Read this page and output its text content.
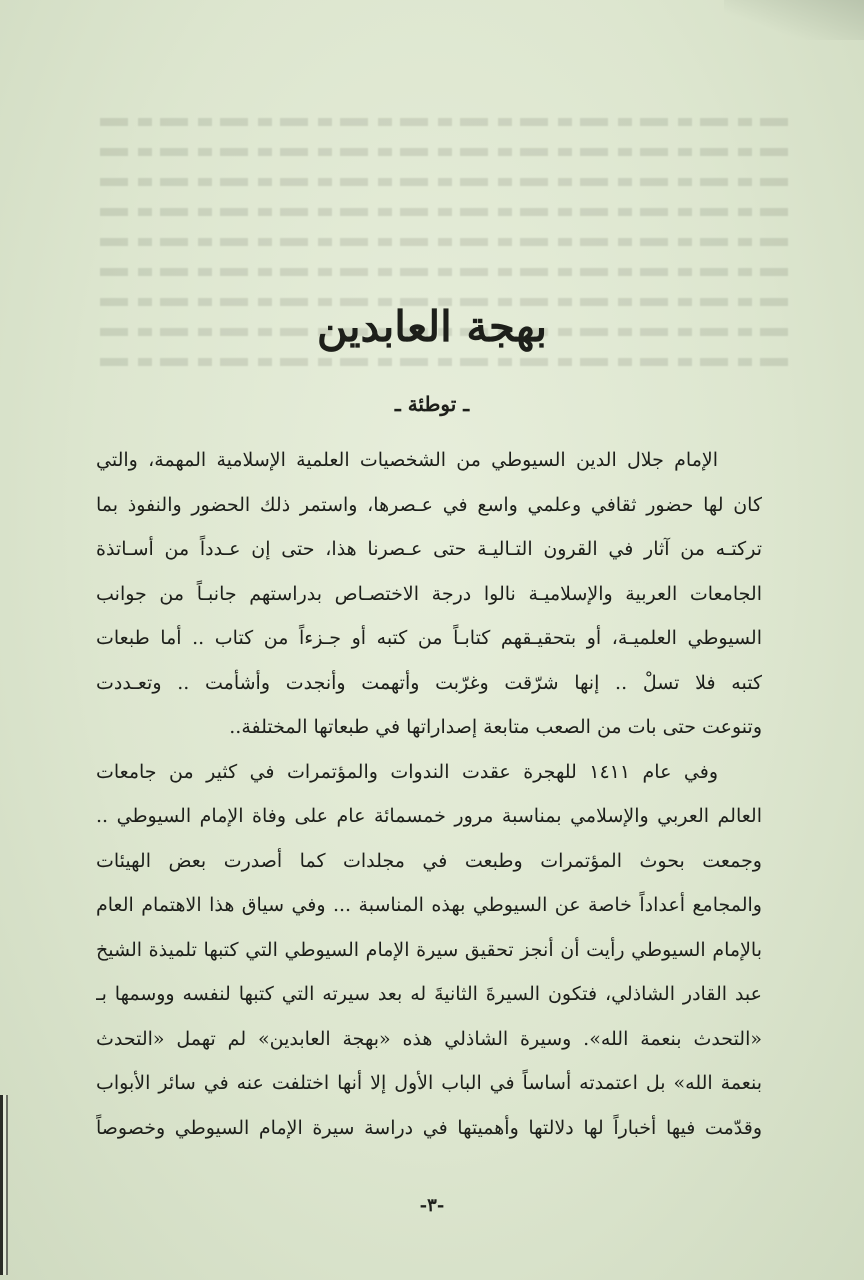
بهجة العابدين
ـ توطئة ـ
الإمام جلال الدين السيوطي من الشخصيات العلمية الإسلامية المهمة، والتي
كان لها حضور ثقافي وعلمي واسع في عـصرها، واستمر ذلك الحضور والنفوذ بما
تركتـه من آثار في القرون التـاليـة حتى عـصرنا هذا، حتى إن عـدداً من أسـاتذة
الجامعات العربية والإسلاميـة نالوا درجة الاختصـاص بدراستهم جانبـاً من جوانب
السيوطي العلميـة، أو بتحقيـقهم كتابـاً من كتبه أو جـزءاً من كتاب .. أما طبعات
كتبه فلا تسلْ .. إنها شرّقت وغرّبت وأتهمت وأنجدت وأشأمت .. وتعـددت
وتنوعت حتى بات من الصعب متابعة إصداراتها في طبعاتها المختلفة..
وفي عام ١٤١١ للهجرة عقدت الندوات والمؤتمرات في كثير من جامعات
العالم العربي والإسلامي بمناسبة مرور خمسمائة عام على وفاة الإمام السيوطي ..
وجمعت بحوث المؤتمرات وطبعت في مجلدات كما أصدرت بعض الهيئات
والمجامع أعداداً خاصة عن السيوطي بهذه المناسبة ... وفي سياق هذا الاهتمام العام
بالإمام السيوطي رأيت أن أنجز تحقيق سيرة الإمام السيوطي التي كتبها تلميذة الشيخ
عبد القادر الشاذلي، فتكون السيرةَ الثانيةَ له بعد سيرته التي كتبها لنفسه ووسمها بـ
«التحدث بنعمة الله». وسيرة الشاذلي هذه «بهجة العابدين» لم تهمل «التحدث
بنعمة الله» بل اعتمدته أساساً في الباب الأول إلا أنها اختلفت عنه في سائر الأبواب
وقدّمت فيها أخباراً لها دلالتها وأهميتها في دراسة سيرة الإمام السيوطي وخصوصاً
-٣-
